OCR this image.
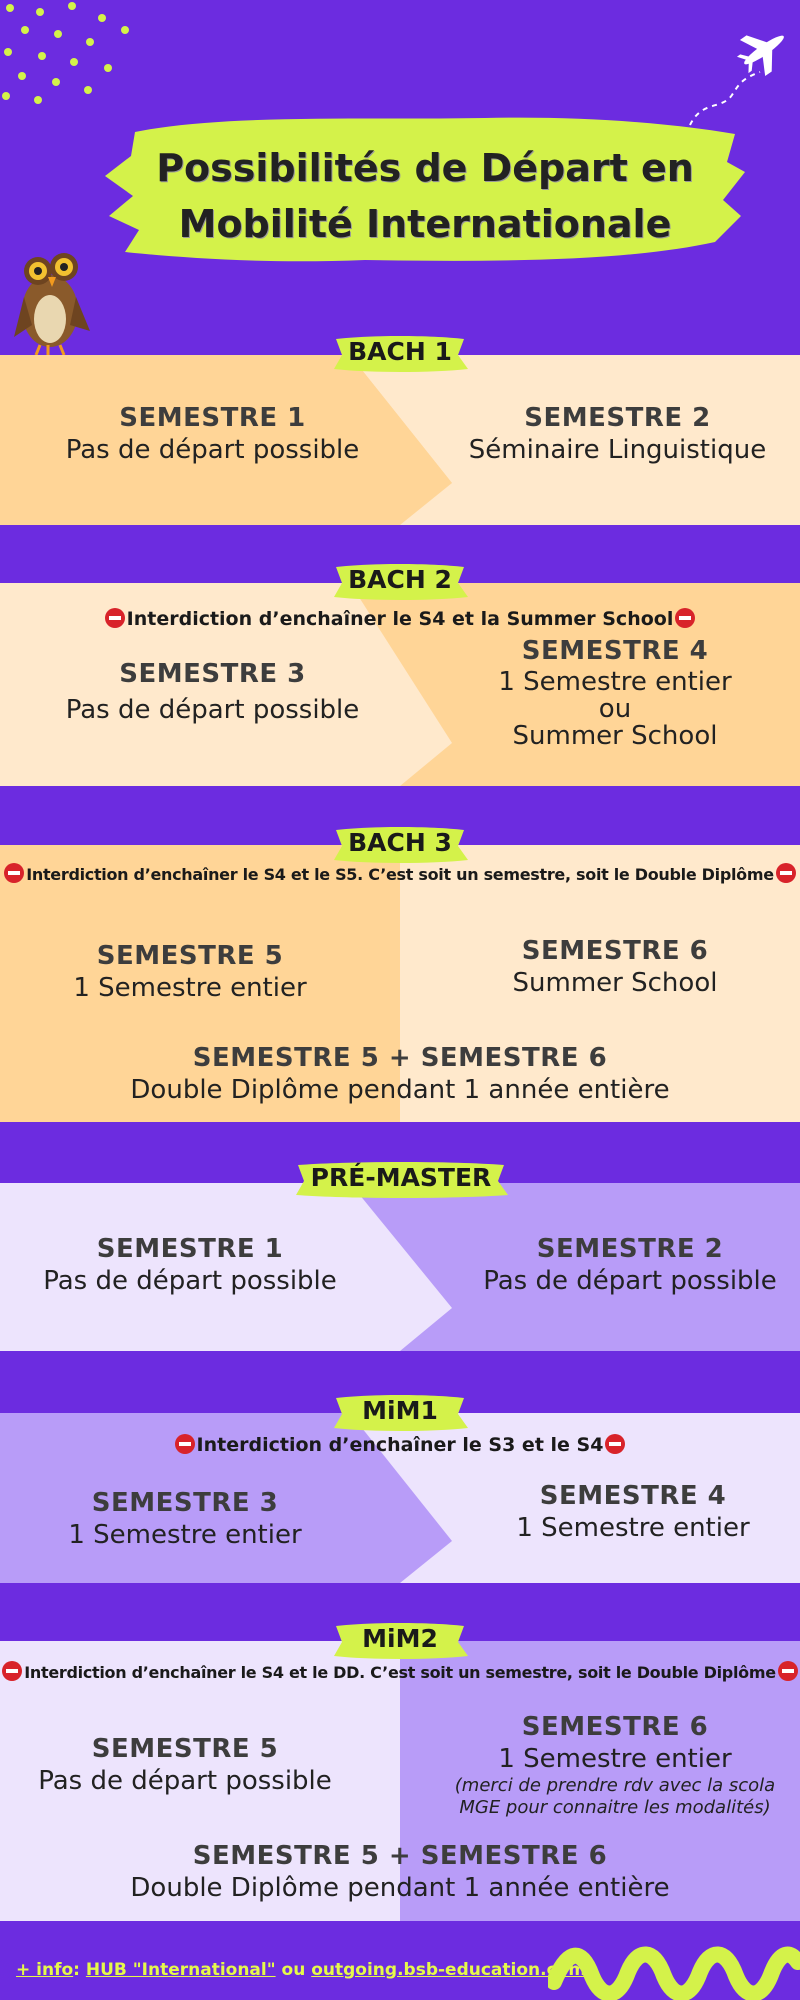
Possibilités de Départ en
Mobilité Internationale
BACH 1
SEMESTRE 1
Pas de départ possible
SEMESTRE 2
Séminaire Linguistique
BACH 2
Interdiction d’enchaîner le S4 et la Summer School
SEMESTRE 3
Pas de départ possible
SEMESTRE 4
1 Semestre entier
ou
Summer School
BACH 3
Interdiction d’enchaîner le S4 et le S5. C’est soit un semestre, soit le Double Diplôme
SEMESTRE 5
1 Semestre entier
SEMESTRE 6
Summer School
SEMESTRE 5 + SEMESTRE 6
Double Diplôme pendant 1 année entière
PRÉ-MASTER
SEMESTRE 1
Pas de départ possible
SEMESTRE 2
Pas de départ possible
MiM1
Interdiction d’enchaîner le S3 et le S4
SEMESTRE 3
1 Semestre entier
SEMESTRE 4
1 Semestre entier
MiM2
Interdiction d’enchaîner le S4 et le DD. C’est soit un semestre, soit le Double Diplôme
SEMESTRE 5
Pas de départ possible
SEMESTRE 6
1 Semestre entier
(merci de prendre rdv avec la scola
MGE pour connaitre les modalités)
SEMESTRE 5 + SEMESTRE 6
Double Diplôme pendant 1 année entière
+ info: HUB "International" ou outgoing.bsb-education.com
